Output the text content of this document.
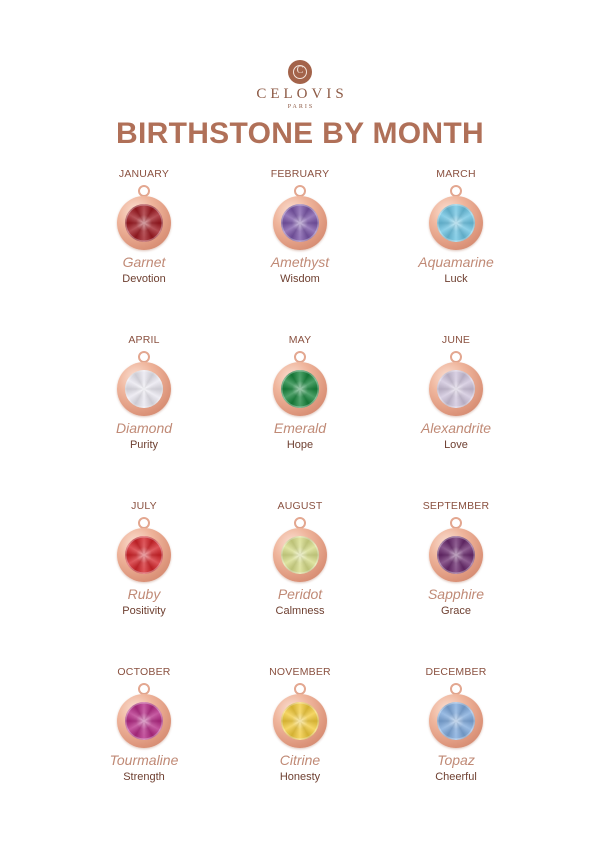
C
CELOVIS
PARIS
BIRTHSTONE BY MONTH
JANUARY
Garnet
Devotion
FEBRUARY
Amethyst
Wisdom
MARCH
Aquamarine
Luck
APRIL
Diamond
Purity
MAY
Emerald
Hope
JUNE
Alexandrite
Love
JULY
Ruby
Positivity
AUGUST
Peridot
Calmness
SEPTEMBER
Sapphire
Grace
OCTOBER
Tourmaline
Strength
NOVEMBER
Citrine
Honesty
DECEMBER
Topaz
Cheerful
